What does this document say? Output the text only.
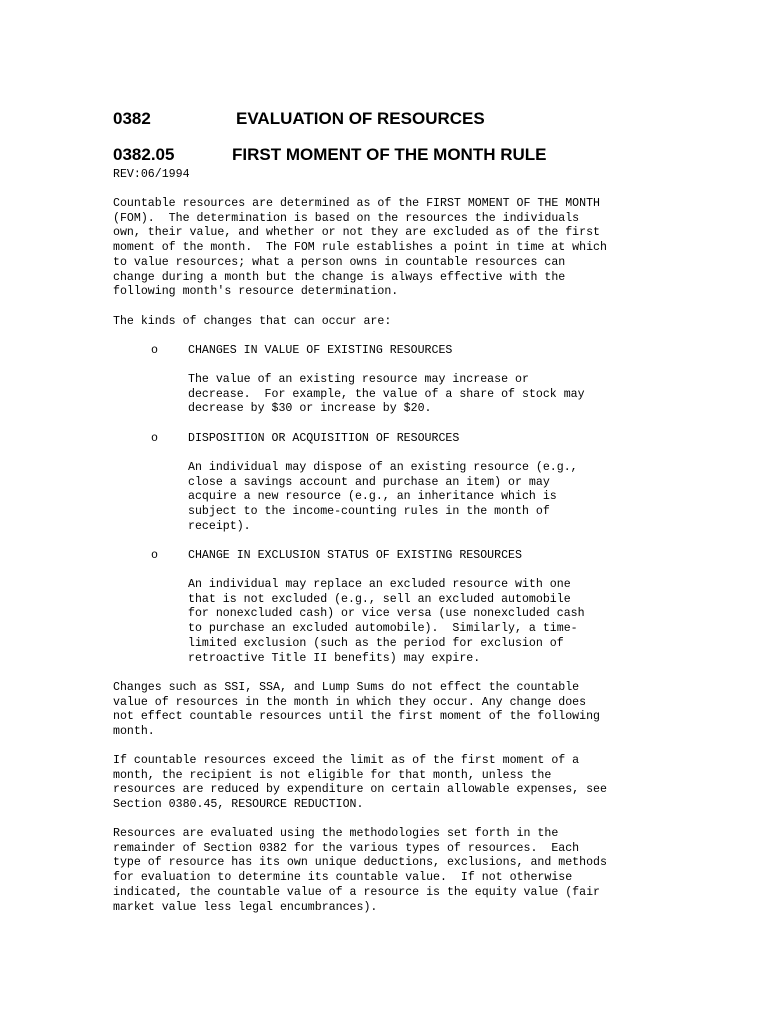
0382	EVALUATION OF RESOURCES
0382.05	FIRST MOMENT OF THE MONTH RULE

REV:06/1994

Countable resources are determined as of the FIRST MOMENT OF THE MONTH
(FOM).  The determination is based on the resources the individuals
own, their value, and whether or not they are excluded as of the first
moment of the month.  The FOM rule establishes a point in time at which
to value resources; what a person owns in countable resources can
change during a month but the change is always effective with the
following month's resource determination.

The kinds of changes that can occur are:

o	CHANGES IN VALUE OF EXISTING RESOURCES

The value of an existing resource may increase or
decrease.  For example, the value of a share of stock may
decrease by $30 or increase by $20.

o	DISPOSITION OR ACQUISITION OF RESOURCES

An individual may dispose of an existing resource (e.g.,
close a savings account and purchase an item) or may
acquire a new resource (e.g., an inheritance which is
subject to the income-counting rules in the month of
receipt).

o	CHANGE IN EXCLUSION STATUS OF EXISTING RESOURCES

An individual may replace an excluded resource with one
that is not excluded (e.g., sell an excluded automobile
for nonexcluded cash) or vice versa (use nonexcluded cash
to purchase an excluded automobile).  Similarly, a time-
limited exclusion (such as the period for exclusion of
retroactive Title II benefits) may expire.

Changes such as SSI, SSA, and Lump Sums do not effect the countable
value of resources in the month in which they occur. Any change does
not effect countable resources until the first moment of the following
month.

If countable resources exceed the limit as of the first moment of a
month, the recipient is not eligible for that month, unless the
resources are reduced by expenditure on certain allowable expenses, see
Section 0380.45, RESOURCE REDUCTION.

Resources are evaluated using the methodologies set forth in the
remainder of Section 0382 for the various types of resources.  Each
type of resource has its own unique deductions, exclusions, and methods
for evaluation to determine its countable value.  If not otherwise
indicated, the countable value of a resource is the equity value (fair
market value less legal encumbrances).
